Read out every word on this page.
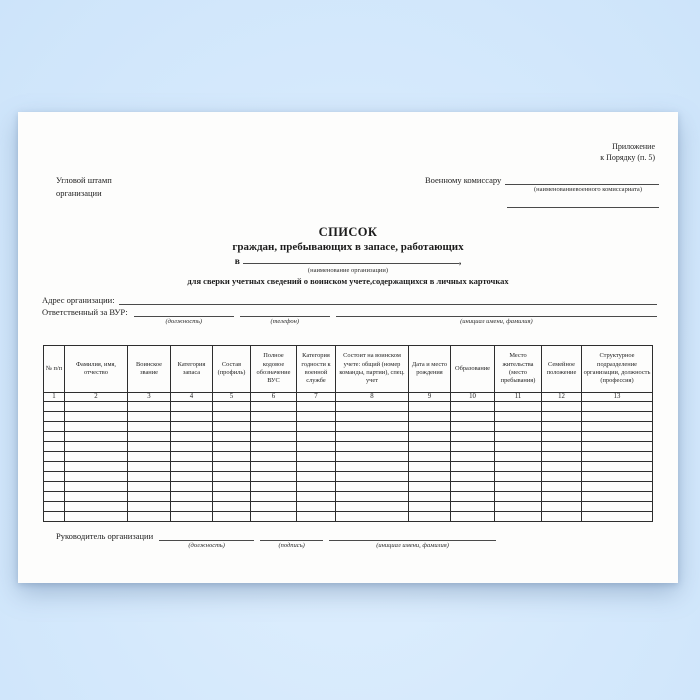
Приложение
к Порядку (п. 5)
Угловой штамп
организации
Военному комиссару
(наименованиевоенного комиссариата)
СПИСОК
граждан, пребывающих в запасе, работающих
в	,
(наименование организации)
для сверки учетных сведений о воинском учете,содержащихся в личных карточках
Адрес организации:
Ответственный за ВУР:
(должность)	(телефон)	(инициал имени, фамилия)
№ п/п	Фамилия, имя, отчество	Воинское звание	Категория запаса	Состав (профиль)	Полное кодовое обозначение ВУС	Категория годности к военной службе	Состоит на воинском учете: общий (номер команды, партии), спец. учет	Дата и место рождения	Образование	Место жительства (место пребывания)	Семейное положение	Структурное подразделение организации, должность (профессия)
1	2	3	4	5	6	7	8	9	10	11	12	13

Руководитель организации
(должность)	(подпись)	(инициал имени, фамилия)
